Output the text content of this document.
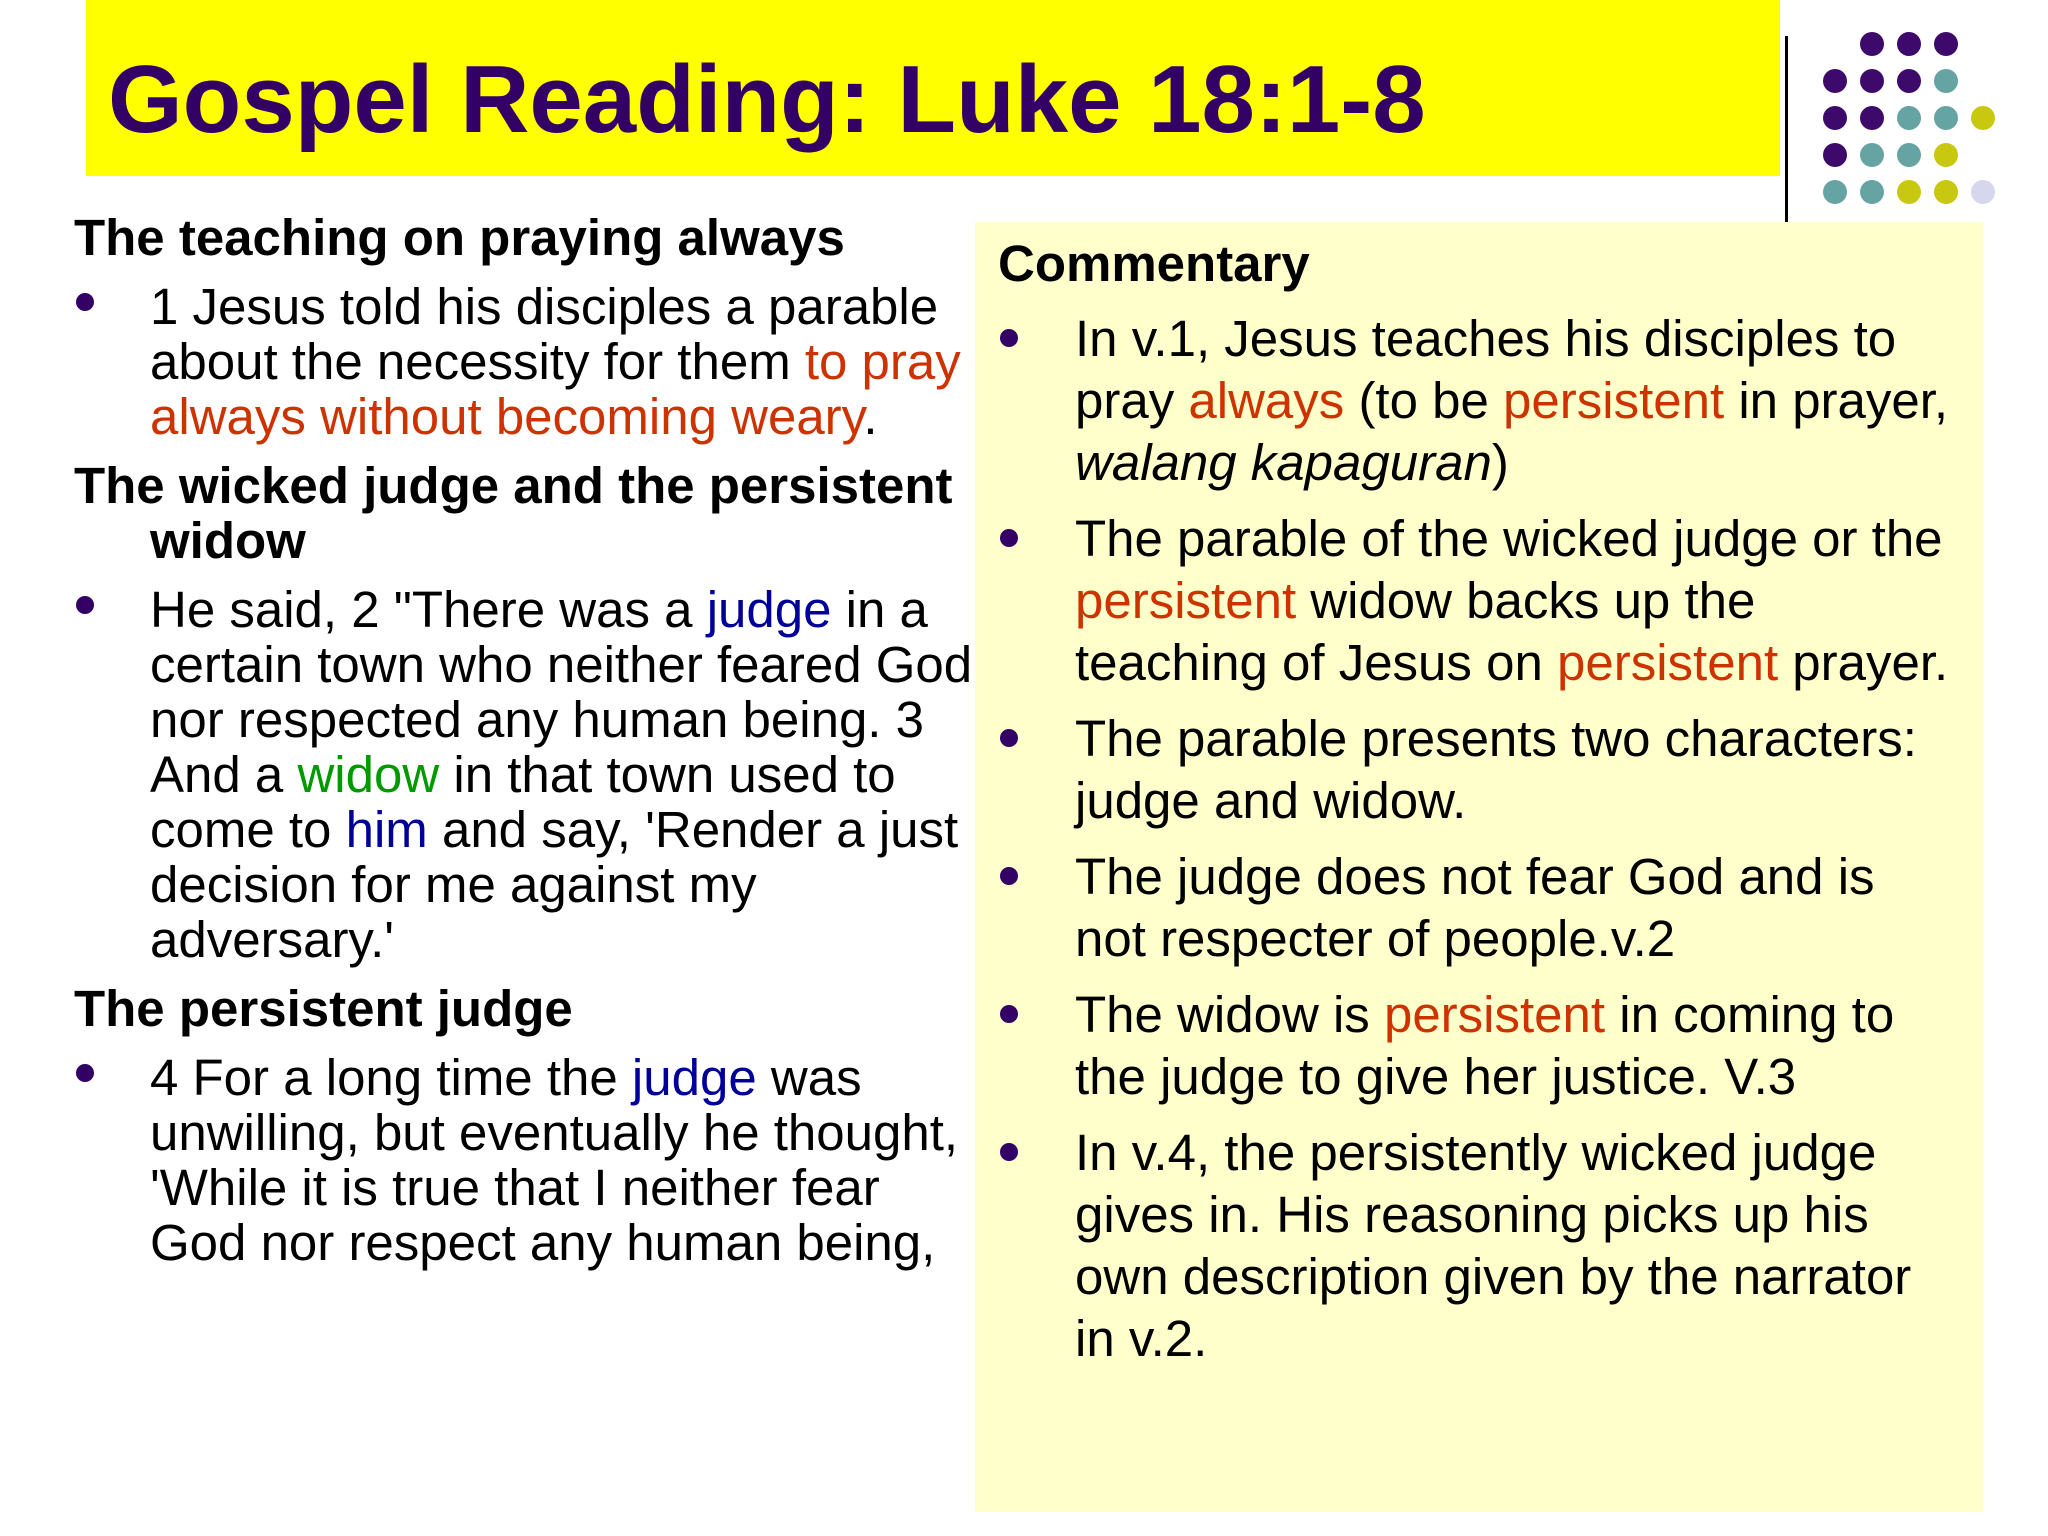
Gospel Reading: Luke 18:1-8

The teaching on praying always

1 Jesus told his disciples a parable about the necessity for them to pray always without becoming weary.

The wicked judge and the persistent widow

He said, 2 "There was a judge in a certain town who neither feared God nor respected any human being. 3 And a widow in that town used to come to him and say, 'Render a just decision for me against my adversary.'

The persistent judge

4 For a long time the judge was unwilling, but eventually he thought, 'While it is true that I neither fear God nor respect any human being,

Commentary

In v.1, Jesus teaches his disciples to pray always (to be persistent in prayer, walang kapaguran)

The parable of the wicked judge or the persistent widow backs up the teaching of Jesus on persistent prayer.

The parable presents two characters: judge and widow.

The judge does not fear God and is not respecter of people.v.2

The widow is persistent in coming to the judge to give her justice. V.3

In v.4, the persistently wicked judge gives in. His reasoning picks up his own description given by the narrator in v.2.
